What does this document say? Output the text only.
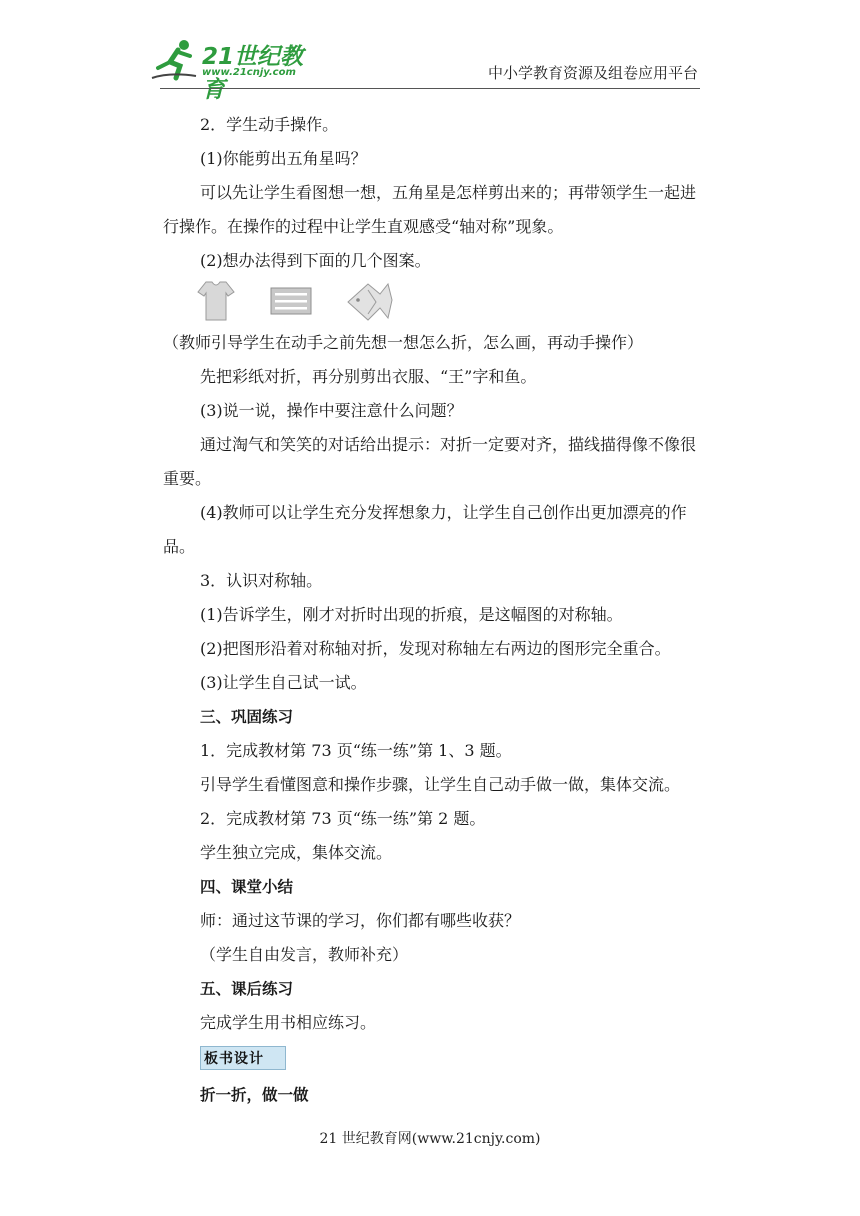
21世纪教育
www.21cnjy.com	中小学教育资源及组卷应用平台

2．学生动手操作。

(1)你能剪出五角星吗？

可以先让学生看图想一想，五角星是怎样剪出来的；再带领学生一起进行操作。在操作的过程中让学生直观感受“轴对称”现象。

(2)想办法得到下面的几个图案。

（教师引导学生在动手之前先想一想怎么折，怎么画，再动手操作）

先把彩纸对折，再分别剪出衣服、“王”字和鱼。

(3)说一说，操作中要注意什么问题？

通过淘气和笑笑的对话给出提示：对折一定要对齐，描线描得像不像很重要。

(4)教师可以让学生充分发挥想象力，让学生自己创作出更加漂亮的作品。

3．认识对称轴。

(1)告诉学生，刚才对折时出现的折痕，是这幅图的对称轴。

(2)把图形沿着对称轴对折，发现对称轴左右两边的图形完全重合。

(3)让学生自己试一试。

三、巩固练习

1．完成教材第 73 页“练一练”第 1、3 题。

引导学生看懂图意和操作步骤，让学生自己动手做一做，集体交流。

2．完成教材第 73 页“练一练”第 2 题。

学生独立完成，集体交流。

四、课堂小结

师：通过这节课的学习，你们都有哪些收获？

（学生自由发言，教师补充）

五、课后练习

完成学生用书相应练习。

板书设计

折一折，做一做

21 世纪教育网(www.21cnjy.com)
